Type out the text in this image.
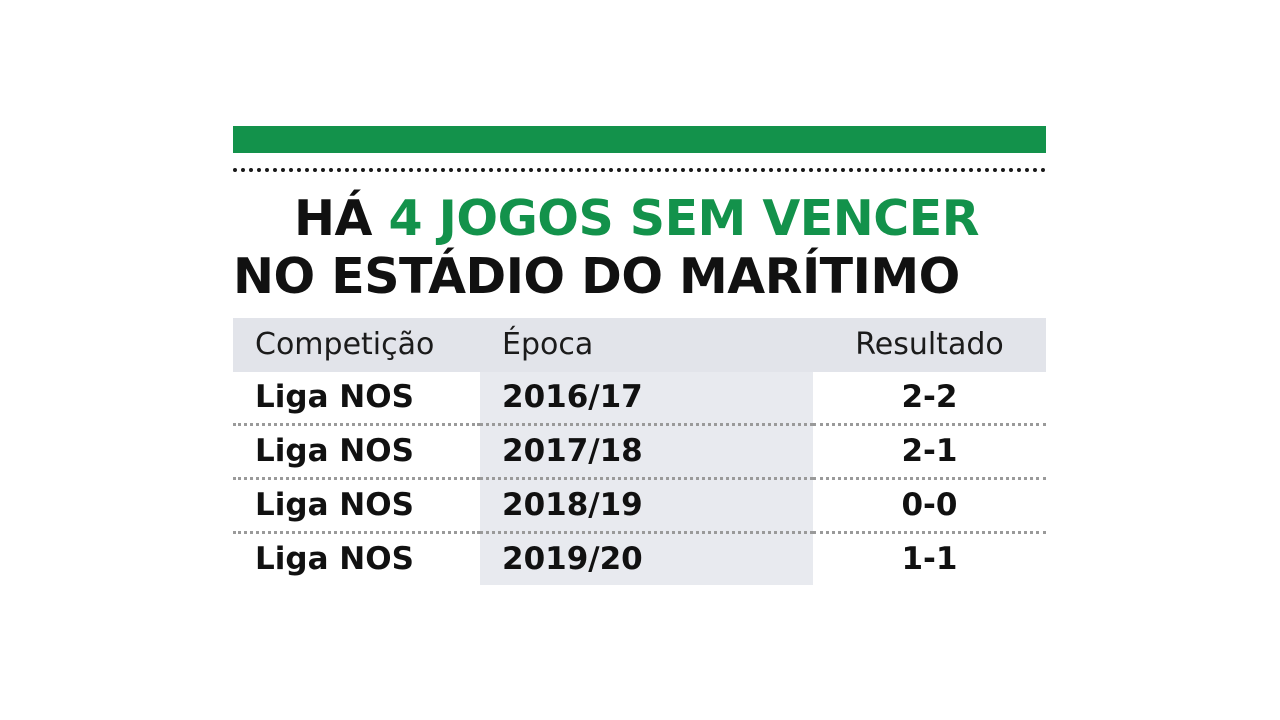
HÁ 4 JOGOS SEM VENCER
NO ESTÁDIO DO MARÍTIMO
Competição	Época	Resultado
Liga NOS	2016/17	2-2
Liga NOS	2017/18	2-1
Liga NOS	2018/19	0-0
Liga NOS	2019/20	1-1
